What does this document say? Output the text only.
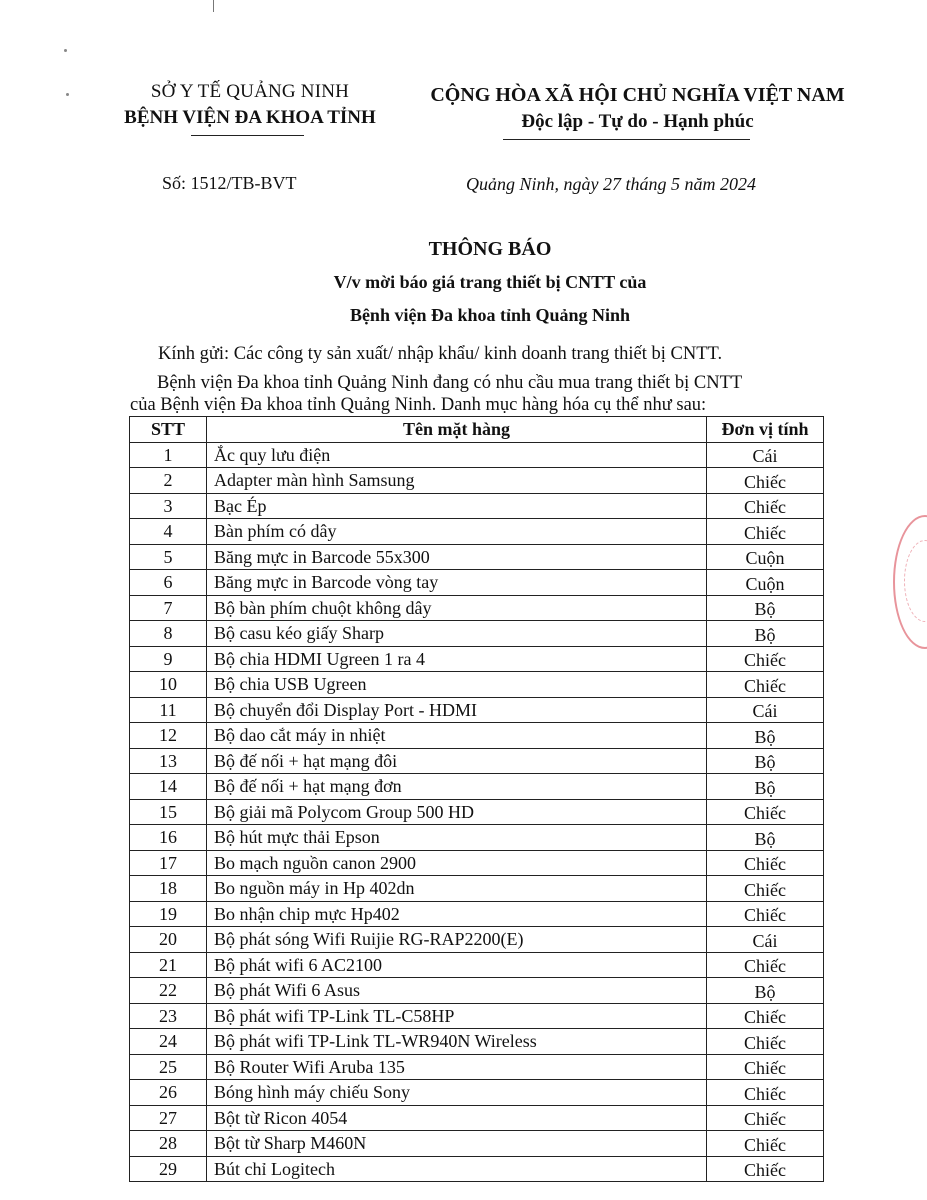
SỞ Y TẾ QUẢNG NINH
BỆNH VIỆN ĐA KHOA TỈNH
CỘNG HÒA XÃ HỘI CHỦ NGHĨA VIỆT NAM
Độc lập - Tự do - Hạnh phúc
Số: 1512/TB-BVT	Quảng Ninh, ngày 27 tháng 5 năm 2024
THÔNG BÁO
V/v mời báo giá trang thiết bị CNTT của
Bệnh viện Đa khoa tỉnh Quảng Ninh
Kính gửi: Các công ty sản xuất/ nhập khẩu/ kinh doanh trang thiết bị CNTT.
Bệnh viện Đa khoa tỉnh Quảng Ninh đang có nhu cầu mua trang thiết bị CNTT
của Bệnh viện Đa khoa tỉnh Quảng Ninh. Danh mục hàng hóa cụ thể như sau:
STT	Tên mặt hàng	Đơn vị tính
1	Ắc quy lưu điện	Cái
2	Adapter màn hình Samsung	Chiếc
3	Bạc Ép	Chiếc
4	Bàn phím có dây	Chiếc
5	Băng mực in Barcode 55x300	Cuộn
6	Băng mực in Barcode vòng tay	Cuộn
7	Bộ bàn phím chuột không dây	Bộ
8	Bộ casu kéo giấy Sharp	Bộ
9	Bộ chia HDMI Ugreen 1 ra 4	Chiếc
10	Bộ chia USB Ugreen	Chiếc
11	Bộ chuyển đổi Display Port - HDMI	Cái
12	Bộ dao cắt máy in nhiệt	Bộ
13	Bộ đế nối + hạt mạng đôi	Bộ
14	Bộ đế nối + hạt mạng đơn	Bộ
15	Bộ giải mã Polycom Group 500 HD	Chiếc
16	Bộ hút mực thải Epson	Bộ
17	Bo mạch nguồn canon 2900	Chiếc
18	Bo nguồn máy in Hp 402dn	Chiếc
19	Bo nhận chip mực Hp402	Chiếc
20	Bộ phát sóng Wifi Ruijie RG-RAP2200(E)	Cái
21	Bộ phát wifi 6 AC2100	Chiếc
22	Bộ phát Wifi 6 Asus	Bộ
23	Bộ phát wifi TP-Link TL-C58HP	Chiếc
24	Bộ phát wifi TP-Link TL-WR940N Wireless	Chiếc
25	Bộ Router Wifi Aruba 135	Chiếc
26	Bóng hình máy chiếu Sony	Chiếc
27	Bột từ Ricon 4054	Chiếc
28	Bột từ Sharp M460N	Chiếc
29	Bút chỉ Logitech	Chiếc
